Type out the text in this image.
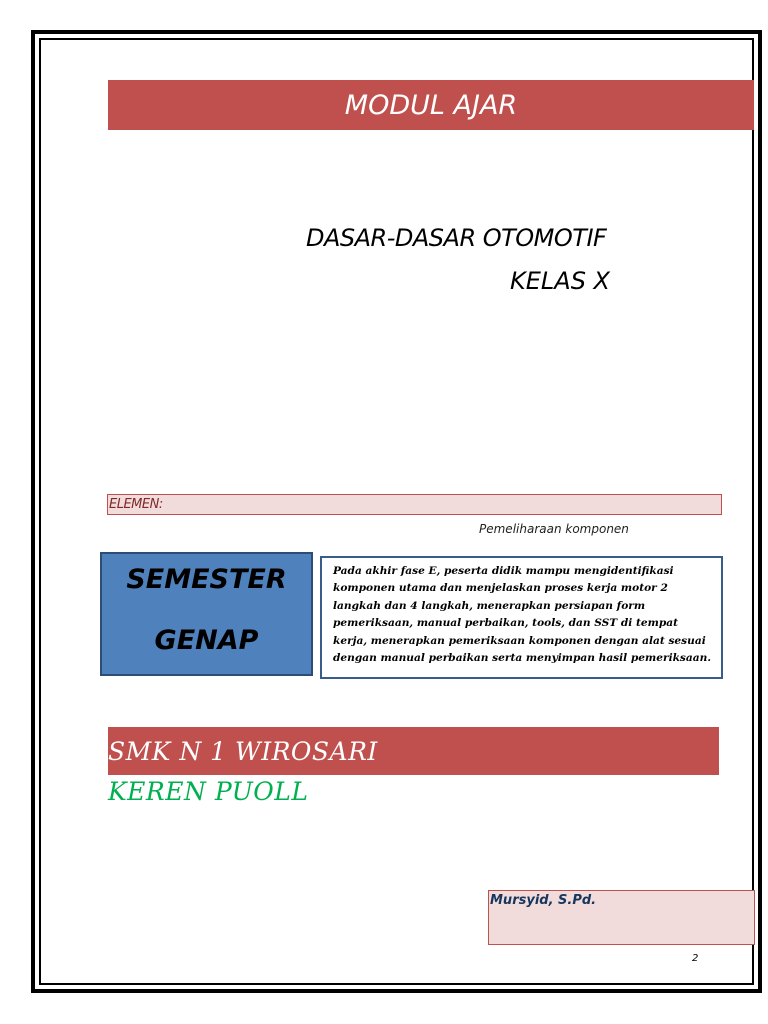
MODUL AJAR
DASAR-DASAR OTOMOTIF
KELAS X
ELEMEN:
Pemeliharaan komponen
SEMESTER
GENAP
Pada akhir fase E, peserta didik mampu mengidentifikasi komponen utama dan menjelaskan proses kerja motor 2 langkah dan 4 langkah, menerapkan persiapan form pemeriksaan, manual perbaikan, tools, dan SST di tempat kerja, menerapkan pemeriksaan komponen dengan alat sesuai dengan manual perbaikan serta menyimpan hasil pemeriksaan.
SMK N 1 WIROSARI
KEREN PUOLL
Mursyid, S.Pd.
2
